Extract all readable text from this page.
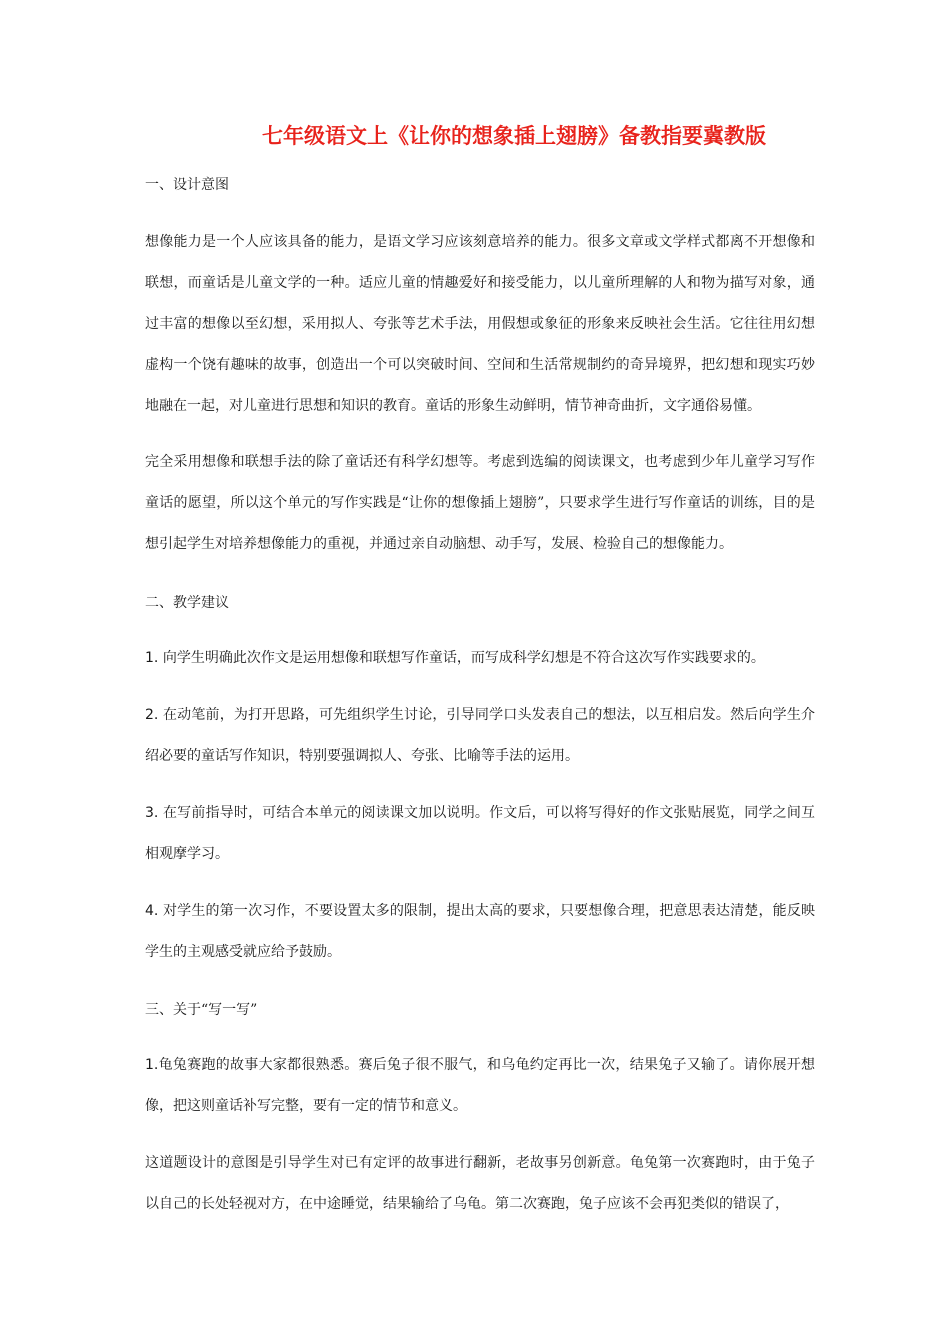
七年级语文上《让你的想象插上翅膀》备教指要冀教版
一、设计意图
想像能力是一个人应该具备的能力，是语文学习应该刻意培养的能力。很多文章或文学样式都离不开想像和联想，而童话是儿童文学的一种。适应儿童的情趣爱好和接受能力，以儿童所理解的人和物为描写对象，通过丰富的想像以至幻想，采用拟人、夸张等艺术手法，用假想或象征的形象来反映社会生活。它往往用幻想虚构一个饶有趣味的故事，创造出一个可以突破时间、空间和生活常规制约的奇异境界，把幻想和现实巧妙地融在一起，对儿童进行思想和知识的教育。童话的形象生动鲜明，情节神奇曲折，文字通俗易懂。
完全采用想像和联想手法的除了童话还有科学幻想等。考虑到选编的阅读课文，也考虑到少年儿童学习写作童话的愿望，所以这个单元的写作实践是“让你的想像插上翅膀”，只要求学生进行写作童话的训练，目的是想引起学生对培养想像能力的重视，并通过亲自动脑想、动手写，发展、检验自己的想像能力。
二、教学建议
1. 向学生明确此次作文是运用想像和联想写作童话，而写成科学幻想是不符合这次写作实践要求的。
2. 在动笔前，为打开思路，可先组织学生讨论，引导同学口头发表自己的想法，以互相启发。然后向学生介绍必要的童话写作知识，特别要强调拟人、夸张、比喻等手法的运用。
3. 在写前指导时，可结合本单元的阅读课文加以说明。作文后，可以将写得好的作文张贴展览，同学之间互相观摩学习。
4. 对学生的第一次习作，不要设置太多的限制，提出太高的要求，只要想像合理，把意思表达清楚，能反映学生的主观感受就应给予鼓励。
三、关于“写一写”
1.龟兔赛跑的故事大家都很熟悉。赛后兔子很不服气，和乌龟约定再比一次，结果兔子又输了。请你展开想像，把这则童话补写完整，要有一定的情节和意义。
这道题设计的意图是引导学生对已有定评的故事进行翻新，老故事另创新意。龟兔第一次赛跑时，由于兔子以自己的长处轻视对方，在中途睡觉，结果输给了乌龟。第二次赛跑，兔子应该不会再犯类似的错误了，
